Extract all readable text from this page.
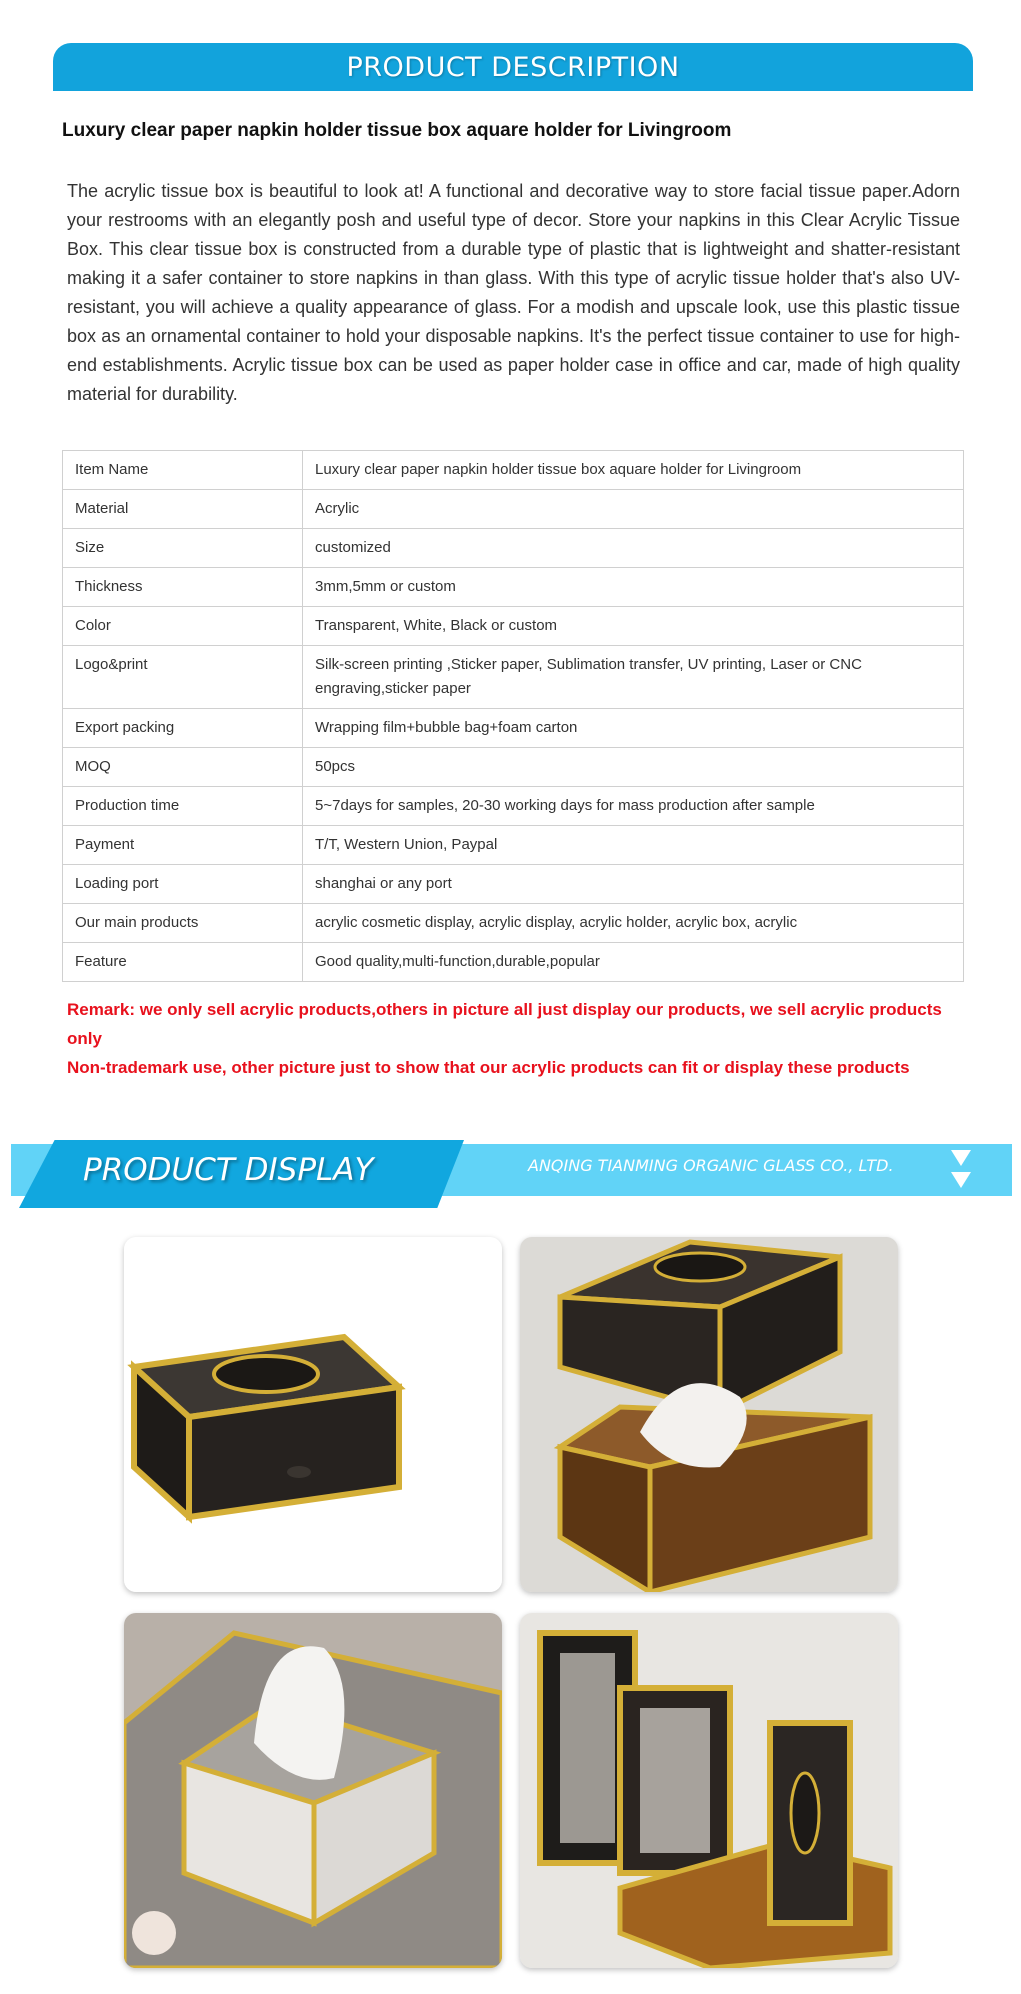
PRODUCT DESCRIPTION
Luxury clear paper napkin holder tissue box aquare holder for Livingroom
The acrylic tissue box is beautiful to look at! A functional and decorative way to store facial tissue paper.Adorn your restrooms with an elegantly posh and useful type of decor. Store your napkins in this Clear Acrylic Tissue Box. This clear tissue box is constructed from a durable type of plastic that is lightweight and shatter-resistant making it a safer container to store napkins in than glass. With this type of acrylic tissue holder that's also UV-resistant, you will achieve a quality appearance of glass. For a modish and upscale look, use this plastic tissue box as an ornamental container to hold your disposable napkins. It's the perfect tissue container to use for high-end establishments. Acrylic tissue box can be used as paper holder case in office and car, made of high quality material for durability.
Item Name	Luxury clear paper napkin holder tissue box aquare holder for Livingroom
Material	Acrylic
Size	customized
Thickness	3mm,5mm or custom
Color	Transparent, White, Black or custom
Logo&print	Silk-screen printing ,Sticker paper, Sublimation transfer, UV printing, Laser or CNC engraving,sticker paper
Export packing	Wrapping film+bubble bag+foam carton
MOQ	50pcs
Production time	5~7days for samples, 20-30 working days for mass production after sample
Payment	T/T, Western Union, Paypal
Loading port	shanghai or any port
Our main products	acrylic cosmetic display, acrylic display, acrylic holder, acrylic box, acrylic
Feature	Good quality,multi-function,durable,popular
Remark: we only sell acrylic products,others in picture all just display our products, we sell acrylic products only
Non-trademark use, other picture just to show that our acrylic products can fit or display these products
PRODUCT DISPLAY	ANQING TIANMING ORGANIC GLASS CO., LTD.
